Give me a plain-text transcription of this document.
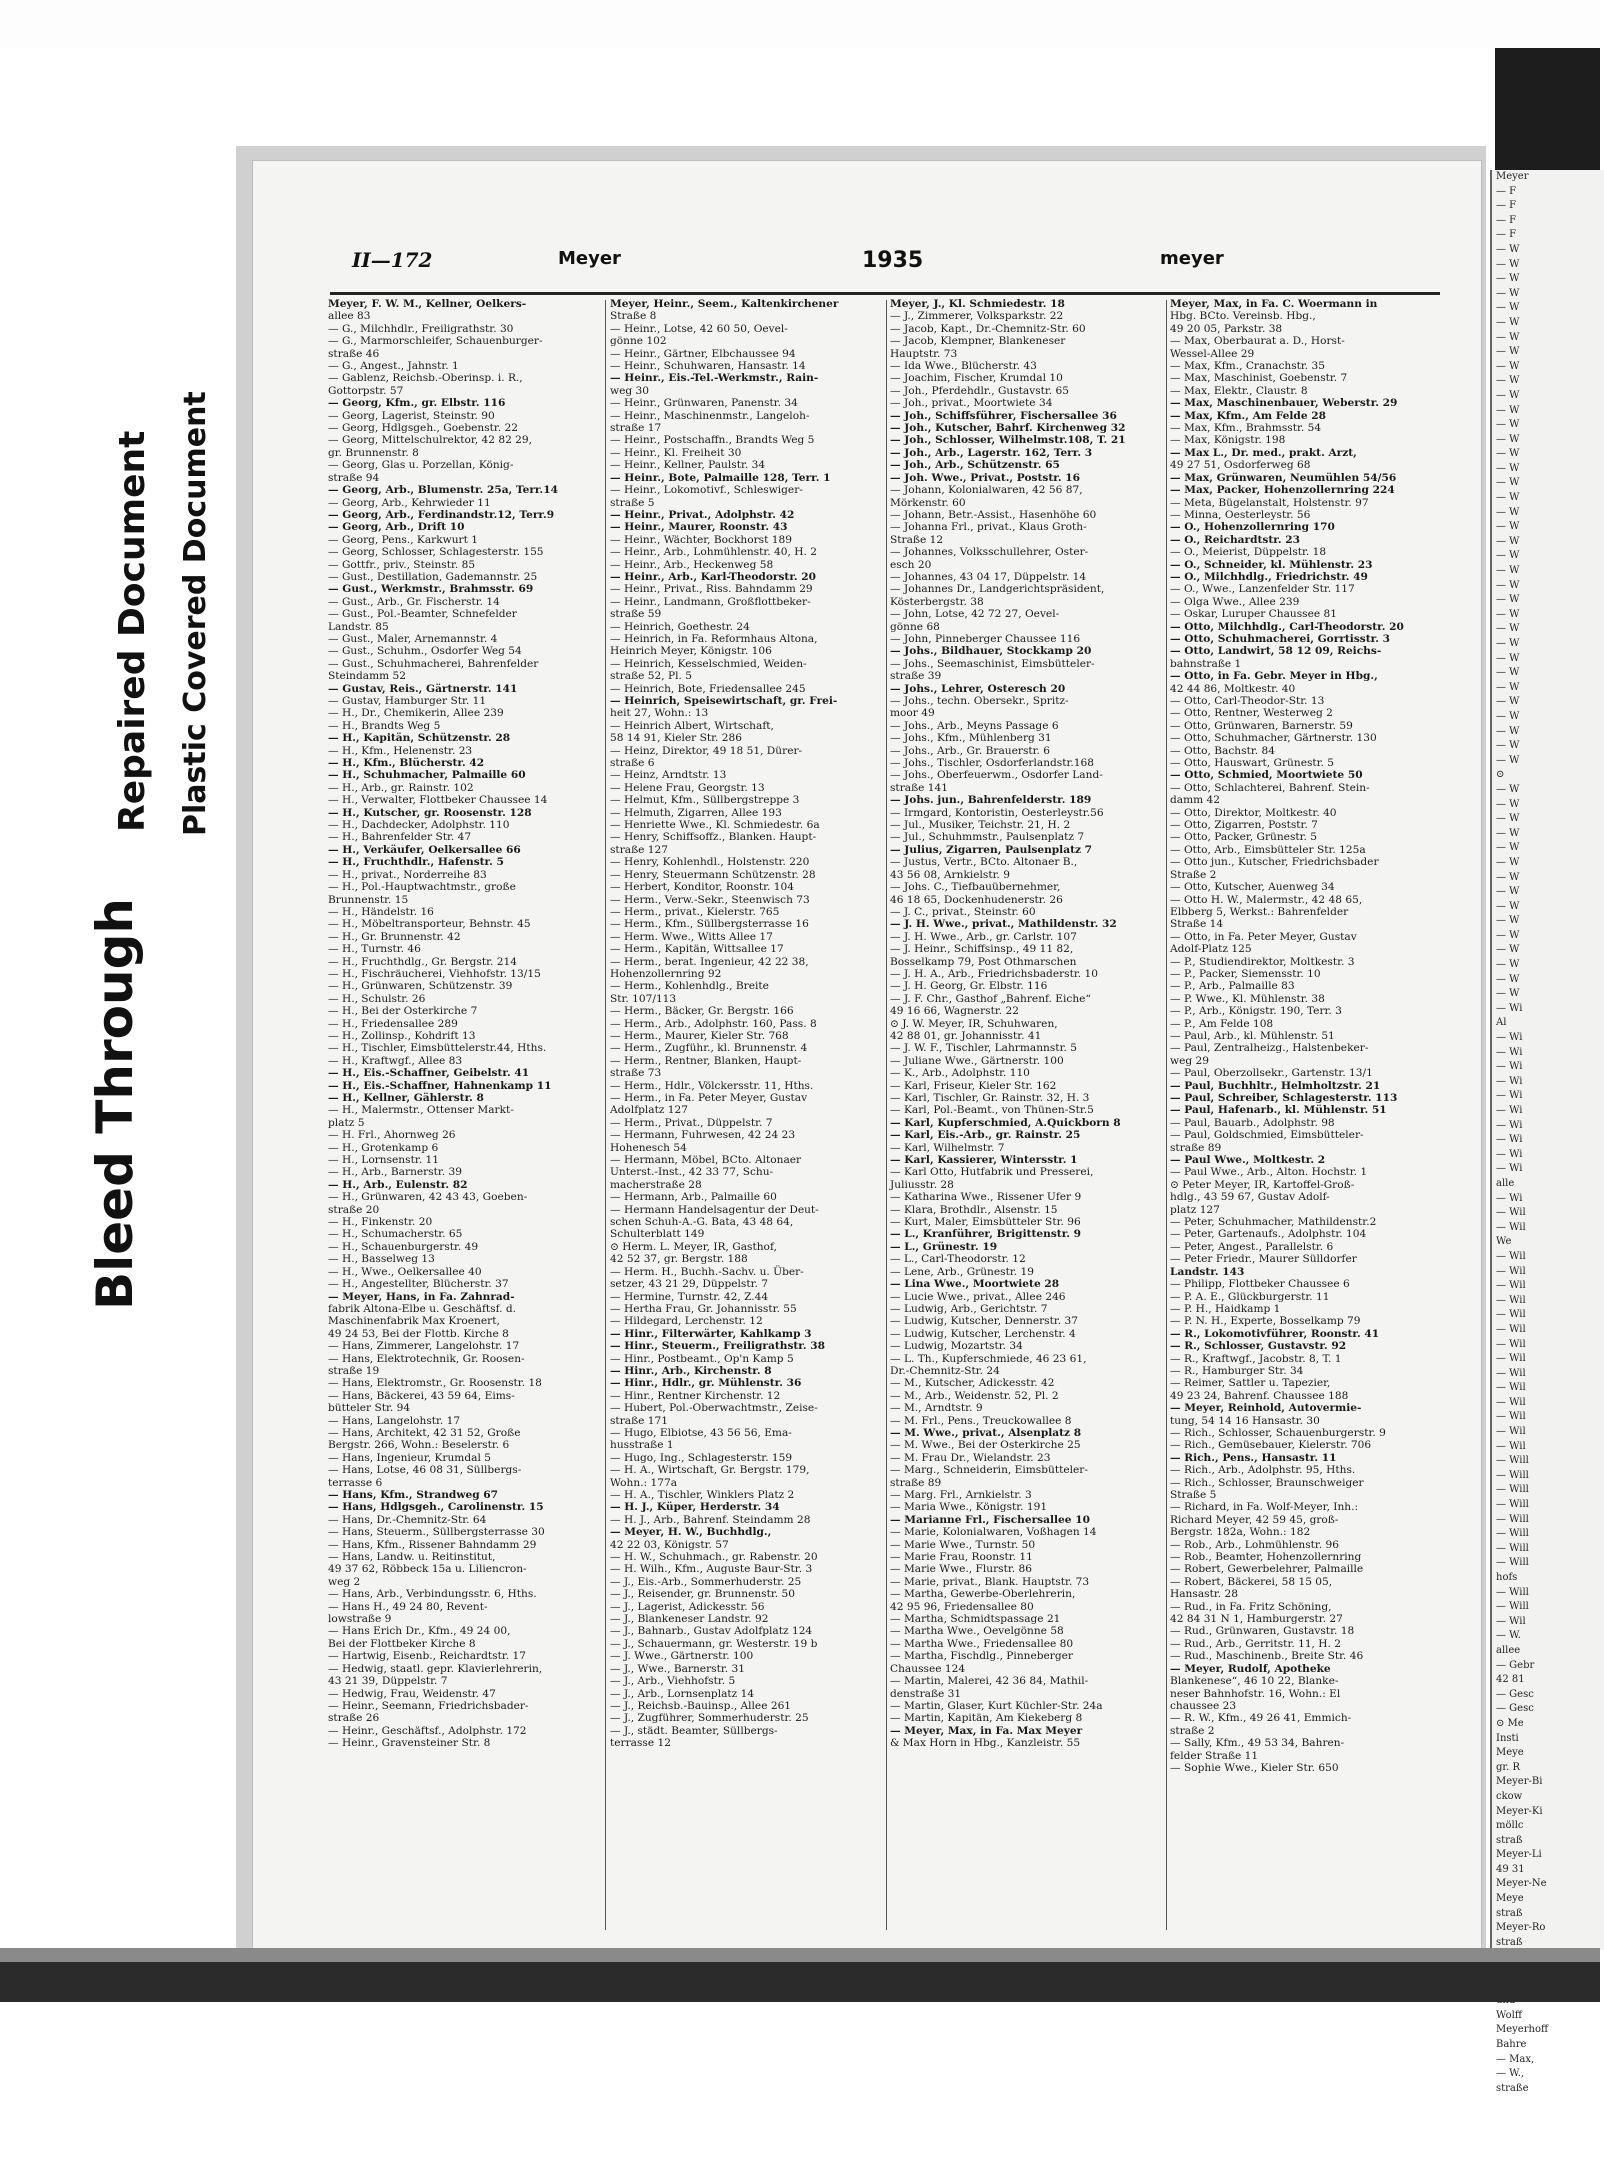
Bleed Through
Repaired Document Plastic Covered Document
Meyer
— F
— F
— F
— F
— W
— W
— W
— W
— W
— W
— W
— W
— W
— W
— W
— W
— W
— W
— W
— W
— W
— W
— W
— W
— W
— W
— W
— W
— W
— W
— W
— W
— W
— W
— W
— W
— W
— W
— W
— W
⊙
— W
— W
— W
— W
— W
— W
— W
— W
— W
— W
— W
— W
— W
— W
— W
— Wi
Al
— Wi
— Wi
— Wi
— Wi
— Wi
— Wi
— Wi
— Wi
— Wi
— Wi
alle
— Wi
— Wil
— Wil
We
— Wil
— Wil
— Wil
— Wil
— Wil
— Wil
— Wil
— Wil
— Wil
— Wil
— Wil
— Wil
— Wil
— Wil
— Will
— Will
— Will
— Will
— Will
— Will
— Will
— Will
hofs
— Will
— Will
— Wil
— W.
allee
— Gebr
42 81
— Gesc
— Gesc
⊙ Me
Insti
Meye
gr. R
Meyer-Bi
ckow
Meyer-Ki
möllc
straß
Meyer-Li
49 31
Meyer-Ne
Meye
straß
Meyer-Ro
straß
Wolff
Meyerhoff
Bahre
— Max,
— W.,
straße
II—172	Meyer	1935	meyer
Meyer, F. W. M., Kellner, Oelkers-
allee 83
— G., Milchhdlr., Freiligrathstr. 30
— G., Marmorschleifer, Schauenburger-
straße 46
— G., Angest., Jahnstr. 1
— Gablenz, Reichsb.-Oberinsp. i. R.,
Gottorpstr. 57
— Georg, Kfm., gr. Elbstr. 116
— Georg, Lagerist, Steinstr. 90
— Georg, Hdlgsgeh., Goebenstr. 22
— Georg, Mittelschulrektor, 42 82 29,
gr. Brunnenstr. 8
— Georg, Glas u. Porzellan, König-
straße 94
— Georg, Arb., Blumenstr. 25a, Terr.14
— Georg, Arb., Kehrwieder 11
— Georg, Arb., Ferdinandstr.12, Terr.9
— Georg, Arb., Drift 10
— Georg, Pens., Karkwurt 1
— Georg, Schlosser, Schlagesterstr. 155
— Gottfr., priv., Steinstr. 85
— Gust., Destillation, Gademannstr. 25
— Gust., Werkmstr., Brahmsstr. 69
— Gust., Arb., Gr. Fischerstr. 14
— Gust., Pol.-Beamter, Schnefelder
Landstr. 85
— Gust., Maler, Arnemannstr. 4
— Gust., Schuhm., Osdorfer Weg 54
— Gust., Schuhmacherei, Bahrenfelder
Steindamm 52
— Gustav, Reis., Gärtnerstr. 141
— Gustav, Hamburger Str. 11
— H., Dr., Chemikerin, Allee 239
— H., Brandts Weg 5
— H., Kapitän, Schützenstr. 28
— H., Kfm., Helenenstr. 23
— H., Kfm., Blücherstr. 42
— H., Schuhmacher, Palmaille 60
— H., Arb., gr. Rainstr. 102
— H., Verwalter, Flottbeker Chaussee 14
— H., Kutscher, gr. Roosenstr. 128
— H., Dachdecker, Adolphstr. 110
— H., Bahrenfelder Str. 47
— H., Verkäufer, Oelkersallee 66
— H., Fruchthdlr., Hafenstr. 5
— H., privat., Norderreihe 83
— H., Pol.-Hauptwachtmstr., große
Brunnenstr. 15
— H., Händelstr. 16
— H., Möbeltransporteur, Behnstr. 45
— H., Gr. Brunnenstr. 42
— H., Turnstr. 46
— H., Fruchthdlg., Gr. Bergstr. 214
— H., Fischräucherei, Viehhofstr. 13/15
— H., Grünwaren, Schützenstr. 39
— H., Schulstr. 26
— H., Bei der Osterkirche 7
— H., Friedensallee 289
— H., Zollinsp., Kohdrift 13
— H., Tischler, Eimsbüttelerstr.44, Hths.
— H., Kraftwgf., Allee 83
— H., Eis.-Schaffner, Geibelstr. 41
— H., Eis.-Schaffner, Hahnenkamp 11
— H., Kellner, Gählerstr. 8
— H., Malermstr., Ottenser Markt-
platz 5
— H. Frl., Ahornweg 26
— H., Grotenkamp 6
— H., Lornsenstr. 11
— H., Arb., Barnerstr. 39
— H., Arb., Eulenstr. 82
— H., Grünwaren, 42 43 43, Goeben-
straße 20
— H., Finkenstr. 20
— H., Schumacherstr. 65
— H., Schauenburgerstr. 49
— H., Basselweg 13
— H., Wwe., Oelkersallee 40
— H., Angestellter, Blücherstr. 37
— Meyer, Hans, in Fa. Zahnrad-
fabrik Altona-Elbe u. Geschäftsf. d.
Maschinenfabrik Max Kroenert,
49 24 53, Bei der Flottb. Kirche 8
— Hans, Zimmerer, Langelohstr. 17
— Hans, Elektrotechnik, Gr. Roosen-
straße 19
— Hans, Elektromstr., Gr. Roosenstr. 18
— Hans, Bäckerei, 43 59 64, Eims-
bütteler Str. 94
— Hans, Langelohstr. 17
— Hans, Architekt, 42 31 52, Große
Bergstr. 266, Wohn.: Beselerstr. 6
— Hans, Ingenieur, Krumdal 5
— Hans, Lotse, 46 08 31, Süllbergs-
terrasse 6
— Hans, Kfm., Strandweg 67
— Hans, Hdlgsgeh., Carolinenstr. 15
— Hans, Dr.-Chemnitz-Str. 64
— Hans, Steuerm., Süllbergsterrasse 30
— Hans, Kfm., Rissener Bahndamm 29
— Hans, Landw. u. Reitinstitut,
49 37 62, Röbbeck 15a u. Liliencron-
weg 2
— Hans, Arb., Verbindungsstr. 6, Hths.
— Hans H., 49 24 80, Revent-
lowstraße 9
— Hans Erich Dr., Kfm., 49 24 00,
Bei der Flottbeker Kirche 8
— Hartwig, Eisenb., Reichardtstr. 17
— Hedwig, staatl. gepr. Klavierlehrerin,
43 21 39, Düppelstr. 7
— Hedwig, Frau, Weidenstr. 47
— Heinr., Seemann, Friedrichsbader-
straße 26
— Heinr., Geschäftsf., Adolphstr. 172
— Heinr., Gravensteiner Str. 8
Meyer, Heinr., Seem., Kaltenkirchener
Straße 8
— Heinr., Lotse, 42 60 50, Oevel-
gönne 102
— Heinr., Gärtner, Elbchaussee 94
— Heinr., Schuhwaren, Hansastr. 14
— Heinr., Eis.-Tel.-Werkmstr., Rain-
weg 30
— Heinr., Grünwaren, Panenstr. 34
— Heinr., Maschinenmstr., Langeloh-
straße 17
— Heinr., Postschaffn., Brandts Weg 5
— Heinr., Kl. Freiheit 30
— Heinr., Kellner, Paulstr. 34
— Heinr., Bote, Palmaille 128, Terr. 1
— Heinr., Lokomotivf., Schleswiger-
straße 5
— Heinr., Privat., Adolphstr. 42
— Heinr., Maurer, Roonstr. 43
— Heinr., Wächter, Bockhorst 189
— Heinr., Arb., Lohmühlenstr. 40, H. 2
— Heinr., Arb., Heckenweg 58
— Heinr., Arb., Karl-Theodorstr. 20
— Heinr., Privat., Riss. Bahndamm 29
— Heinr., Landmann, Großflottbeker-
straße 59
— Heinrich, Goethestr. 24
— Heinrich, in Fa. Reformhaus Altona,
Heinrich Meyer, Königstr. 106
— Heinrich, Kesselschmied, Weiden-
straße 52, Pl. 5
— Heinrich, Bote, Friedensallee 245
— Heinrich, Speisewirtschaft, gr. Frei-
heit 27, Wohn.: 13
— Heinrich Albert, Wirtschaft,
58 14 91, Kieler Str. 286
— Heinz, Direktor, 49 18 51, Dürer-
straße 6
— Heinz, Arndtstr. 13
— Helene Frau, Georgstr. 13
— Helmut, Kfm., Süllbergstreppe 3
— Helmuth, Zigarren, Allee 193
— Henriette Wwe., Kl. Schmiedestr. 6a
— Henry, Schiffsoffz., Blanken. Haupt-
straße 127
— Henry, Kohlenhdl., Holstenstr. 220
— Henry, Steuermann Schützenstr. 28
— Herbert, Konditor, Roonstr. 104
— Herm., Verw.-Sekr., Steenwisch 73
— Herm., privat., Kielerstr. 765
— Herm., Kfm., Süllbergsterrasse 16
— Herm. Wwe., Witts Allee 17
— Herm., Kapitän, Wittsallee 17
— Herm., berat. Ingenieur, 42 22 38,
Hohenzollernring 92
— Herm., Kohlenhdlg., Breite
Str. 107/113
— Herm., Bäcker, Gr. Bergstr. 166
— Herm., Arb., Adolphstr. 160, Pass. 8
— Herm., Maurer, Kieler Str. 768
— Herm., Zugführ., kl. Brunnenstr. 4
— Herm., Rentner, Blanken, Haupt-
straße 73
— Herm., Hdlr., Völckersstr. 11, Hths.
— Herm., in Fa. Peter Meyer, Gustav
Adolfplatz 127
— Herm., Privat., Düppelstr. 7
— Hermann, Fuhrwesen, 42 24 23
Hohenesch 54
— Hermann, Möbel, BCto. Altonaer
Unterst.-Inst., 42 33 77, Schu-
macherstraße 28
— Hermann, Arb., Palmaille 60
— Hermann Handelsagentur der Deut-
schen Schuh-A.-G. Bata, 43 48 64,
Schulterblatt 149
⊙ Herm. L. Meyer, IR, Gasthof,
42 52 37, gr. Bergstr. 188
— Herm. H., Buchh.-Sachv. u. Über-
setzer, 43 21 29, Düppelstr. 7
— Hermine, Turnstr. 42, Z.44
— Hertha Frau, Gr. Johannisstr. 55
— Hildegard, Lerchenstr. 12
— Hinr., Filterwärter, Kahlkamp 3
— Hinr., Steuerm., Freiligrathstr. 38
— Hinr., Postbeamt., Op'n Kamp 5
— Hinr., Arb., Kirchenstr. 8
— Hinr., Hdlr., gr. Mühlenstr. 36
— Hinr., Rentner Kirchenstr. 12
— Hubert, Pol.-Oberwachtmstr., Zeise-
straße 171
— Hugo, Elbiotse, 43 56 56, Ema-
husstraße 1
— Hugo, Ing., Schlagesterstr. 159
— H. A., Wirtschaft, Gr. Bergstr. 179,
Wohn.: 177a
— H. A., Tischler, Winklers Platz 2
— H. J., Küper, Herderstr. 34
— H. J., Arb., Bahrenf. Steindamm 28
— Meyer, H. W., Buchhdlg.,
42 22 03, Königstr. 57
— H. W., Schuhmach., gr. Rabenstr. 20
— H. Wilh., Kfm., Auguste Baur-Str. 3
— J., Eis.-Arb., Sommerhuderstr. 25
— J., Reisender, gr. Brunnenstr. 50
— J., Lagerist, Adickesstr. 56
— J., Blankeneser Landstr. 92
— J., Bahnarb., Gustav Adolfplatz 124
— J., Schauermann, gr. Westerstr. 19 b
— J. Wwe., Gärtnerstr. 100
— J., Wwe., Barnerstr. 31
— J., Arb., Viehhofstr. 5
— J., Arb., Lornsenplatz 14
— J., Reichsb.-Bauinsp., Allee 261
— J., Zugführer, Sommerhuderstr. 25
— J., städt. Beamter, Süllbergs-
terrasse 12
Meyer, J., Kl. Schmiedestr. 18
— J., Zimmerer, Volksparkstr. 22
— Jacob, Kapt., Dr.-Chemnitz-Str. 60
— Jacob, Klempner, Blankeneser
Hauptstr. 73
— Ida Wwe., Blücherstr. 43
— Joachim, Fischer, Krumdal 10
— Joh., Pferdehdlr., Gustavstr. 65
— Joh., privat., Moortwiete 34
— Joh., Schiffsführer, Fischersallee 36
— Joh., Kutscher, Bahrf. Kirchenweg 32
— Joh., Schlosser, Wilhelmstr.108, T. 21
— Joh., Arb., Lagerstr. 162, Terr. 3
— Joh., Arb., Schützenstr. 65
— Joh. Wwe., Privat., Poststr. 16
— Johann, Kolonialwaren, 42 56 87,
Mörkenstr. 60
— Johann, Betr.-Assist., Hasenhöhe 60
— Johanna Frl., privat., Klaus Groth-
Straße 12
— Johannes, Volksschullehrer, Oster-
esch 20
— Johannes, 43 04 17, Düppelstr. 14
— Johannes Dr., Landgerichtspräsident,
Kösterbergstr. 38
— John, Lotse, 42 72 27, Oevel-
gönne 68
— John, Pinneberger Chaussee 116
— Johs., Bildhauer, Stockkamp 20
— Johs., Seemaschinist, Eimsbütteler-
straße 39
— Johs., Lehrer, Osteresch 20
— Johs., techn. Obersekr., Spritz-
moor 49
— Johs., Arb., Meyns Passage 6
— Johs., Kfm., Mühlenberg 31
— Johs., Arb., Gr. Brauerstr. 6
— Johs., Tischler, Osdorferlandstr.168
— Johs., Oberfeuerwm., Osdorfer Land-
straße 141
— Johs. jun., Bahrenfelderstr. 189
— Irmgard, Kontoristin, Oesterleystr.56
— Jul., Musiker, Teichstr. 21, H. 2
— Jul., Schuhmmstr., Paulsenplatz 7
— Julius, Zigarren, Paulsenplatz 7
— Justus, Vertr., BCto. Altonaer B.,
43 56 08, Arnkielstr. 9
— Johs. C., Tiefbauübernehmer,
46 18 65, Dockenhudenerstr. 26
— J. C., privat., Steinstr. 60
— J. H. Wwe., privat., Mathildenstr. 32
— J. H. Wwe., Arb., gr. Carlstr. 107
— J. Heinr., Schiffsinsp., 49 11 82,
Bosselkamp 79, Post Othmarschen
— J. H. A., Arb., Friedrichsbaderstr. 10
— J. H. Georg, Gr. Elbstr. 116
— J. F. Chr., Gasthof „Bahrenf. Eiche“
49 16 66, Wagnerstr. 22
⊙ J. W. Meyer, IR, Schuhwaren,
42 88 01, gr. Johannisstr. 41
— J. W. F., Tischler, Lahrmannstr. 5
— Juliane Wwe., Gärtnerstr. 100
— K., Arb., Adolphstr. 110
— Karl, Friseur, Kieler Str. 162
— Karl, Tischler, Gr. Rainstr. 32, H. 3
— Karl, Pol.-Beamt., von Thünen-Str.5
— Karl, Kupferschmied, A.Quickborn 8
— Karl, Eis.-Arb., gr. Rainstr. 25
— Karl, Wilhelmstr. 7
— Karl, Kassierer, Wintersstr. 1
— Karl Otto, Hutfabrik und Presserei,
Juliusstr. 28
— Katharina Wwe., Rissener Ufer 9
— Klara, Brothdlr., Alsenstr. 15
— Kurt, Maler, Eimsbütteler Str. 96
— L., Kranführer, Brigittenstr. 9
— L., Grünestr. 19
— L., Carl-Theodorstr. 12
— Lene, Arb., Grünestr. 19
— Lina Wwe., Moortwiete 28
— Lucie Wwe., privat., Allee 246
— Ludwig, Arb., Gerichtstr. 7
— Ludwig, Kutscher, Dennerstr. 37
— Ludwig, Kutscher, Lerchenstr. 4
— Ludwig, Mozartstr. 34
— L. Th., Kupferschmiede, 46 23 61,
Dr.-Chemnitz-Str. 24
— M., Kutscher, Adickesstr. 42
— M., Arb., Weidenstr. 52, Pl. 2
— M., Arndtstr. 9
— M. Frl., Pens., Treuckowallee 8
— M. Wwe., privat., Alsenplatz 8
— M. Wwe., Bei der Osterkirche 25
— M. Frau Dr., Wielandstr. 23
— Marg., Schneiderin, Eimsbütteler-
straße 89
— Marg. Frl., Arnkielstr. 3
— Maria Wwe., Königstr. 191
— Marianne Frl., Fischersallee 10
— Marie, Kolonialwaren, Voßhagen 14
— Marie Wwe., Turnstr. 50
— Marie Frau, Roonstr. 11
— Marie Wwe., Flurstr. 86
— Marie, privat., Blank. Hauptstr. 73
— Martha, Gewerbe-Oberlehrerin,
42 95 96, Friedensallee 80
— Martha, Schmidtspassage 21
— Martha Wwe., Oevelgönne 58
— Martha Wwe., Friedensallee 80
— Martha, Fischdlg., Pinneberger
Chaussee 124
— Martin, Malerei, 42 36 84, Mathil-
denstraße 31
— Martin, Glaser, Kurt Küchler-Str. 24a
— Martin, Kapitän, Am Kiekeberg 8
— Meyer, Max, in Fa. Max Meyer
& Max Horn in Hbg., Kanzleistr. 55
Meyer, Max, in Fa. C. Woermann in
Hbg. BCto. Vereinsb. Hbg.,
49 20 05, Parkstr. 38
— Max, Oberbaurat a. D., Horst-
Wessel-Allee 29
— Max, Kfm., Cranachstr. 35
— Max, Maschinist, Goebenstr. 7
— Max, Elektr., Claustr. 8
— Max, Maschinenbauer, Weberstr. 29
— Max, Kfm., Am Felde 28
— Max, Kfm., Brahmsstr. 54
— Max, Königstr. 198
— Max L., Dr. med., prakt. Arzt,
49 27 51, Osdorferweg 68
— Max, Grünwaren, Neumühlen 54/56
— Max, Packer, Hohenzollernring 224
— Meta, Bügelanstalt, Holstenstr. 97
— Minna, Oesterleystr. 56
— O., Hohenzollernring 170
— O., Reichardtstr. 23
— O., Meierist, Düppelstr. 18
— O., Schneider, kl. Mühlenstr. 23
— O., Milchhdlg., Friedrichstr. 49
— O., Wwe., Lanzenfelder Str. 117
— Olga Wwe., Allee 239
— Oskar, Luruper Chaussee 81
— Otto, Milchhdlg., Carl-Theodorstr. 20
— Otto, Schuhmacherei, Gorrtisstr. 3
— Otto, Landwirt, 58 12 09, Reichs-
bahnstraße 1
— Otto, in Fa. Gebr. Meyer in Hbg.,
42 44 86, Moltkestr. 40
— Otto, Carl-Theodor-Str. 13
— Otto, Rentner, Westerweg 2
— Otto, Grünwaren, Barnerstr. 59
— Otto, Schuhmacher, Gärtnerstr. 130
— Otto, Bachstr. 84
— Otto, Hauswart, Grünestr. 5
— Otto, Schmied, Moortwiete 50
— Otto, Schlachterei, Bahrenf. Stein-
damm 42
— Otto, Direktor, Moltkestr. 40
— Otto, Zigarren, Poststr. 7
— Otto, Packer, Grünestr. 5
— Otto, Arb., Eimsbütteler Str. 125a
— Otto jun., Kutscher, Friedrichsbader
Straße 2
— Otto, Kutscher, Auenweg 34
— Otto H. W., Malermstr., 42 48 65,
Elbberg 5, Werkst.: Bahrenfelder
Straße 14
— Otto, in Fa. Peter Meyer, Gustav
Adolf-Platz 125
— P., Studiendirektor, Moltkestr. 3
— P., Packer, Siemensstr. 10
— P., Arb., Palmaille 83
— P. Wwe., Kl. Mühlenstr. 38
— P., Arb., Königstr. 190, Terr. 3
— P., Am Felde 108
— Paul, Arb., kl. Mühlenstr. 51
— Paul, Zentralheizg., Halstenbeker-
weg 29
— Paul, Oberzollsekr., Gartenstr. 13/1
— Paul, Buchhltr., Helmholtzstr. 21
— Paul, Schreiber, Schlagesterstr. 113
— Paul, Hafenarb., kl. Mühlenstr. 51
— Paul, Bauarb., Adolphstr. 98
— Paul, Goldschmied, Eimsbütteler-
straße 89
— Paul Wwe., Moltkestr. 2
— Paul Wwe., Arb., Alton. Hochstr. 1
⊙ Peter Meyer, IR, Kartoffel-Groß-
hdlg., 43 59 67, Gustav Adolf-
platz 127
— Peter, Schuhmacher, Mathildenstr.2
— Peter, Gartenaufs., Adolphstr. 104
— Peter, Angest., Parallelstr. 6
— Peter Friedr., Maurer Sülldorfer
Landstr. 143
— Philipp, Flottbeker Chaussee 6
— P. A. E., Glückburgerstr. 11
— P. H., Haidkamp 1
— P. N. H., Experte, Bosselkamp 79
— R., Lokomotivführer, Roonstr. 41
— R., Schlosser, Gustavstr. 92
— R., Kraftwgf., Jacobstr. 8, T. 1
— R., Hamburger Str. 34
— Reimer, Sattler u. Tapezier,
49 23 24, Bahrenf. Chaussee 188
— Meyer, Reinhold, Autovermie-
tung, 54 14 16 Hansastr. 30
— Rich., Schlosser, Schauenburgerstr. 9
— Rich., Gemüsebauer, Kielerstr. 706
— Rich., Pens., Hansastr. 11
— Rich., Arb., Adolphstr. 95, Hths.
— Rich., Schlosser, Braunschweiger
Straße 5
— Richard, in Fa. Wolf-Meyer, Inh.:
Richard Meyer, 42 59 45, groß-
Bergstr. 182a, Wohn.: 182
— Rob., Arb., Lohmühlenstr. 96
— Rob., Beamter, Hohenzollernring
— Robert, Gewerbelehrer, Palmaille
— Robert, Bäckerei, 58 15 05,
Hansastr. 28
— Rud., in Fa. Fritz Schöning,
42 84 31 N 1, Hamburgerstr. 27
— Rud., Grünwaren, Gustavstr. 18
— Rud., Arb., Gerritstr. 11, H. 2
— Rud., Maschinenb., Breite Str. 46
— Meyer, Rudolf, Apotheke
Blankenese“, 46 10 22, Blanke-
neser Bahnhofstr. 16, Wohn.: El
chaussee 23
— R. W., Kfm., 49 26 41, Emmich-
straße 2
— Sally, Kfm., 49 53 34, Bahren-
felder Straße 11
— Sophie Wwe., Kieler Str. 650
